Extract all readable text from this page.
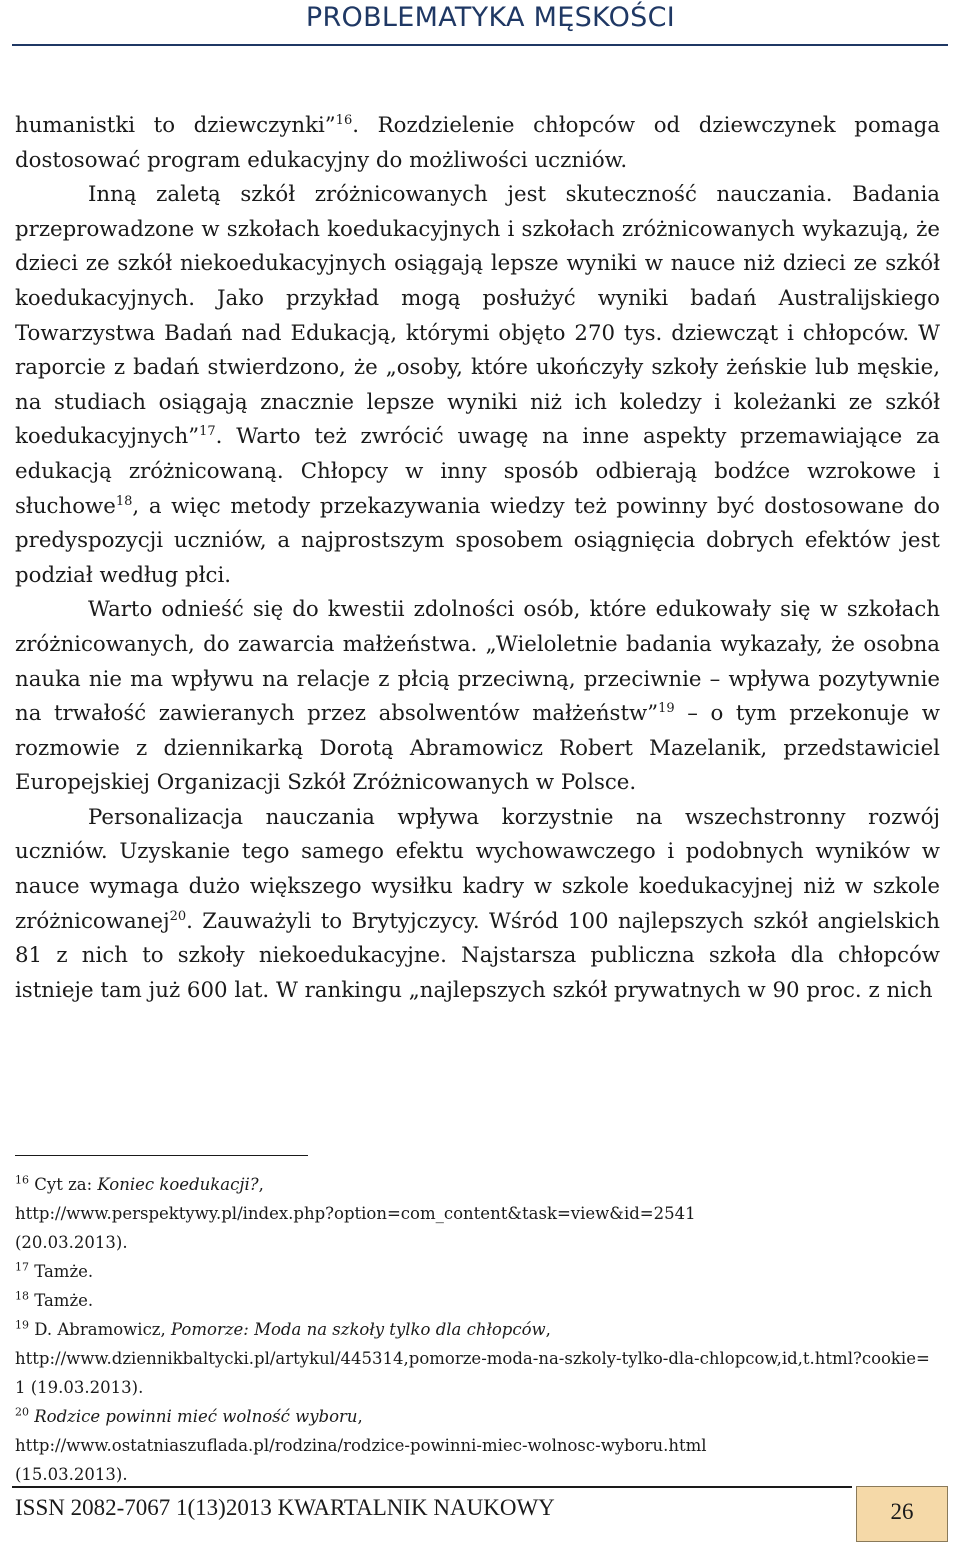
PROBLEMATYKA MĘSKOŚCI

humanistki to dziewczynki”$^{16}$. Rozdzielenie chłopców od dziewczynek pomaga dostosować program edukacyjny do możliwości uczniów.

Inną zaletą szkół zróżnicowanych jest skuteczność nauczania. Badania przeprowadzone w szkołach koedukacyjnych i szkołach zróżnicowanych wykazują, że dzieci ze szkół niekoedukacyjnych osiągają lepsze wyniki w nauce niż dzieci ze szkół koedukacyjnych. Jako przykład mogą posłużyć wyniki badań Australijskiego Towarzystwa Badań nad Edukacją, którymi objęto 270 tys. dziewcząt i chłopców. W raporcie z badań stwierdzono, że „osoby, które ukończyły szkoły żeńskie lub męskie, na studiach osiągają znacznie lepsze wyniki niż ich koledzy i koleżanki ze szkół koedukacyjnych”$^{17}$. Warto też zwrócić uwagę na inne aspekty przemawiające za edukacją zróżnicowaną. Chłopcy w inny sposób odbierają bodźce wzrokowe i słuchowe$^{18}$, a więc metody przekazywania wiedzy też powinny być dostosowane do predyspozycji uczniów, a najprostszym sposobem osiągnięcia dobrych efektów jest podział według płci.

Warto odnieść się do kwestii zdolności osób, które edukowały się w szkołach zróżnicowanych, do zawarcia małżeństwa. „Wieloletnie badania wykazały, że osobna nauka nie ma wpływu na relacje z płcią przeciwną, przeciwnie – wpływa pozytywnie na trwałość zawieranych przez absolwentów małżeństw”$^{19}$ – o tym przekonuje w rozmowie z dziennikarką Dorotą Abramowicz Robert Mazelanik, przedstawiciel Europejskiej Organizacji Szkół Zróżnicowanych w Polsce.

Personalizacja nauczania wpływa korzystnie na wszechstronny rozwój uczniów. Uzyskanie tego samego efektu wychowawczego i podobnych wyników w nauce wymaga dużo większego wysiłku kadry w szkole koedukacyjnej niż w szkole zróżnicowanej$^{20}$. Zauważyli to Brytyjczycy. Wśród 100 najlepszych szkół angielskich 81 z nich to szkoły niekoedukacyjne. Najstarsza publiczna szkoła dla chłopców istnieje tam już 600 lat. W rankingu „najlepszych szkół prywatnych w 90 proc. z nich

$^{16}$ Cyt za: Koniec koedukacji?,
http://www.perspektywy.pl/index.php?option=com_content&task=view&id=2541
(20.03.2013).
$^{17}$ Tamże.
$^{18}$ Tamże.
$^{19}$ D. Abramowicz, Pomorze: Moda na szkoły tylko dla chłopców,
http://www.dziennikbaltycki.pl/artykul/445314,pomorze-moda-na-szkoly-tylko-dla-chlopcow,id,t.html?cookie=1 (19.03.2013).
$^{20}$ Rodzice powinni mieć wolność wyboru,
http://www.ostatniaszuflada.pl/rodzina/rodzice-powinni-miec-wolnosc-wyboru.html
(15.03.2013).
ISSN 2082-7067 1(13)2013 KWARTALNIK NAUKOWY	26
